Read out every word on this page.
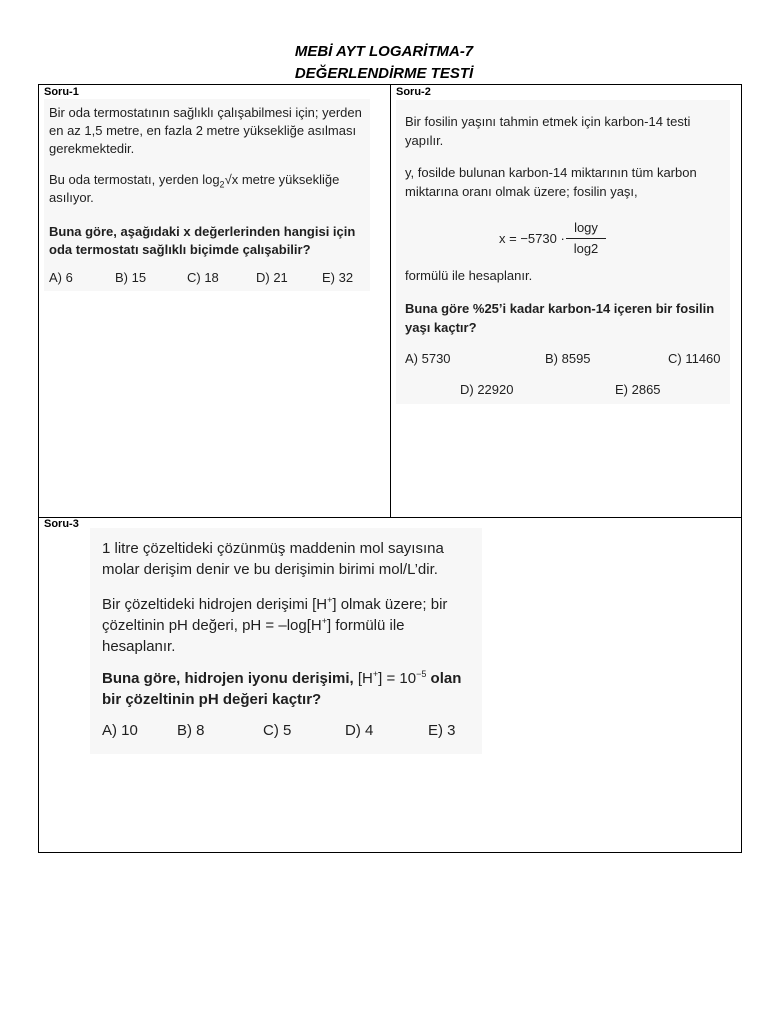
MEBİ AYT LOGARİTMA-7
DEĞERLENDİRME TESTİ
Soru-1	Soru-2
Soru-3

Bir oda termostatının sağlıklı çalışabilmesi için; yerden en az 1,5 metre, en fazla 2 metre yüksekliğe asılması gerekmektedir.

Bu oda termostatı, yerden $\log_2√x$ metre yüksekliğe asılıyor.

Buna göre, aşağıdaki x değerlerinden hangisi için oda termostatı sağlıklı biçimde çalışabilir?

A) 6	B) 15	C) 18	D) 21	E) 32

Bir fosilin yaşını tahmin etmek için karbon-14 testi yapılır.

y, fosilde bulunan karbon-14 miktarının tüm karbon miktarına oranı olmak üzere; fosilin yaşı,

x = −5730 ·
logy
log2

formülü ile hesaplanır.

Buna göre %25’i kadar karbon-14 içeren bir fosilin yaşı kaçtır?

A) 5730	B) 8595	C) 11460
D) 22920	E) 2865

1 litre çözeltideki çözünmüş maddenin mol sayısına molar derişim denir ve bu derişimin birimi mol/L’dir.

Bir çözeltideki hidrojen derişimi [H+] olmak üzere; bir çözeltinin pH değeri, pH = –log[H+] formülü ile hesaplanır.

Buna göre, hidrojen iyonu derişimi, $[H^+] = 10^{-5}$ olan bir çözeltinin pH değeri kaçtır?

A) 10	B) 8	C) 5	D) 4	E) 3
